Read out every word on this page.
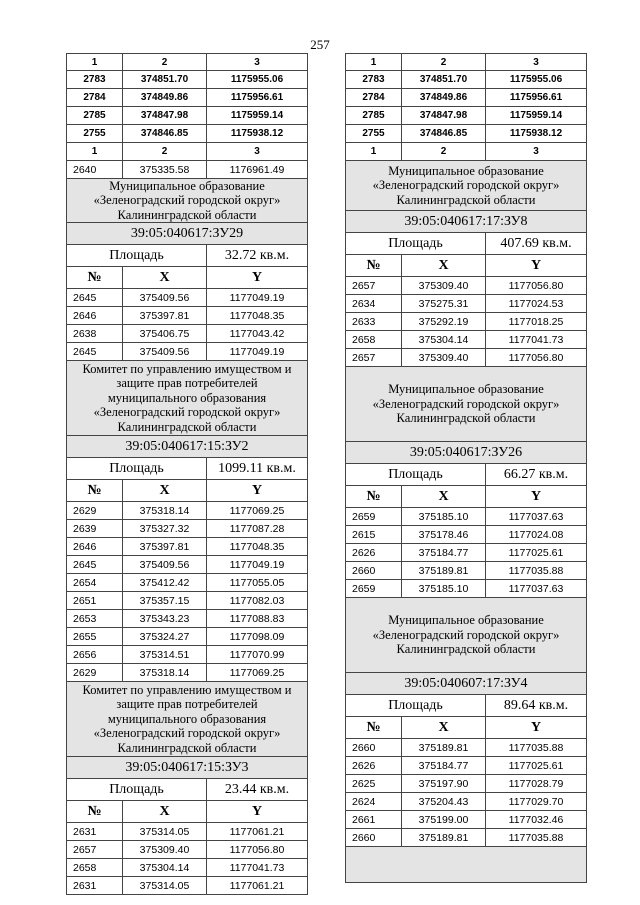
257
1	2	3
2783	374851.70	1175955.06
2784	374849.86	1175956.61
2785	374847.98	1175959.14
2755	374846.85	1175938.12
1	2	3
2640	375335.58	1176961.49
Муниципальное образование
«Зеленоградский городской округ»
Калининградской области
39:05:040617:ЗУ29
Площадь	32.72 кв.м.
№	X	Y
2645	375409.56	1177049.19
2646	375397.81	1177048.35
2638	375406.75	1177043.42
2645	375409.56	1177049.19
Комитет по управлению имуществом и
защите прав потребителей
муниципального образования
«Зеленоградский городской округ»
Калининградской области
39:05:040617:15:ЗУ2
Площадь	1099.11 кв.м.
№	X	Y
2629	375318.14	1177069.25
2639	375327.32	1177087.28
2646	375397.81	1177048.35
2645	375409.56	1177049.19
2654	375412.42	1177055.05
2651	375357.15	1177082.03
2653	375343.23	1177088.83
2655	375324.27	1177098.09
2656	375314.51	1177070.99
2629	375318.14	1177069.25
Комитет по управлению имуществом и
защите прав потребителей
муниципального образования
«Зеленоградский городской округ»
Калининградской области
39:05:040617:15:ЗУ3
Площадь	23.44 кв.м.
№	X	Y
2631	375314.05	1177061.21
2657	375309.40	1177056.80
2658	375304.14	1177041.73
2631	375314.05	1177061.21
1	2	3
2783	374851.70	1175955.06
2784	374849.86	1175956.61
2785	374847.98	1175959.14
2755	374846.85	1175938.12
1	2	3
Муниципальное образование
«Зеленоградский городской округ»
Калининградской области
39:05:040617:17:ЗУ8
Площадь	407.69 кв.м.
№	X	Y
2657	375309.40	1177056.80
2634	375275.31	1177024.53
2633	375292.19	1177018.25
2658	375304.14	1177041.73
2657	375309.40	1177056.80
Муниципальное образование
«Зеленоградский городской округ»
Калининградской области
39:05:040617:ЗУ26
Площадь	66.27 кв.м.
№	X	Y
2659	375185.10	1177037.63
2615	375178.46	1177024.08
2626	375184.77	1177025.61
2660	375189.81	1177035.88
2659	375185.10	1177037.63
Муниципальное образование
«Зеленоградский городской округ»
Калининградской области
39:05:040607:17:ЗУ4
Площадь	89.64 кв.м.
№	X	Y
2660	375189.81	1177035.88
2626	375184.77	1177025.61
2625	375197.90	1177028.79
2624	375204.43	1177029.70
2661	375199.00	1177032.46
2660	375189.81	1177035.88
